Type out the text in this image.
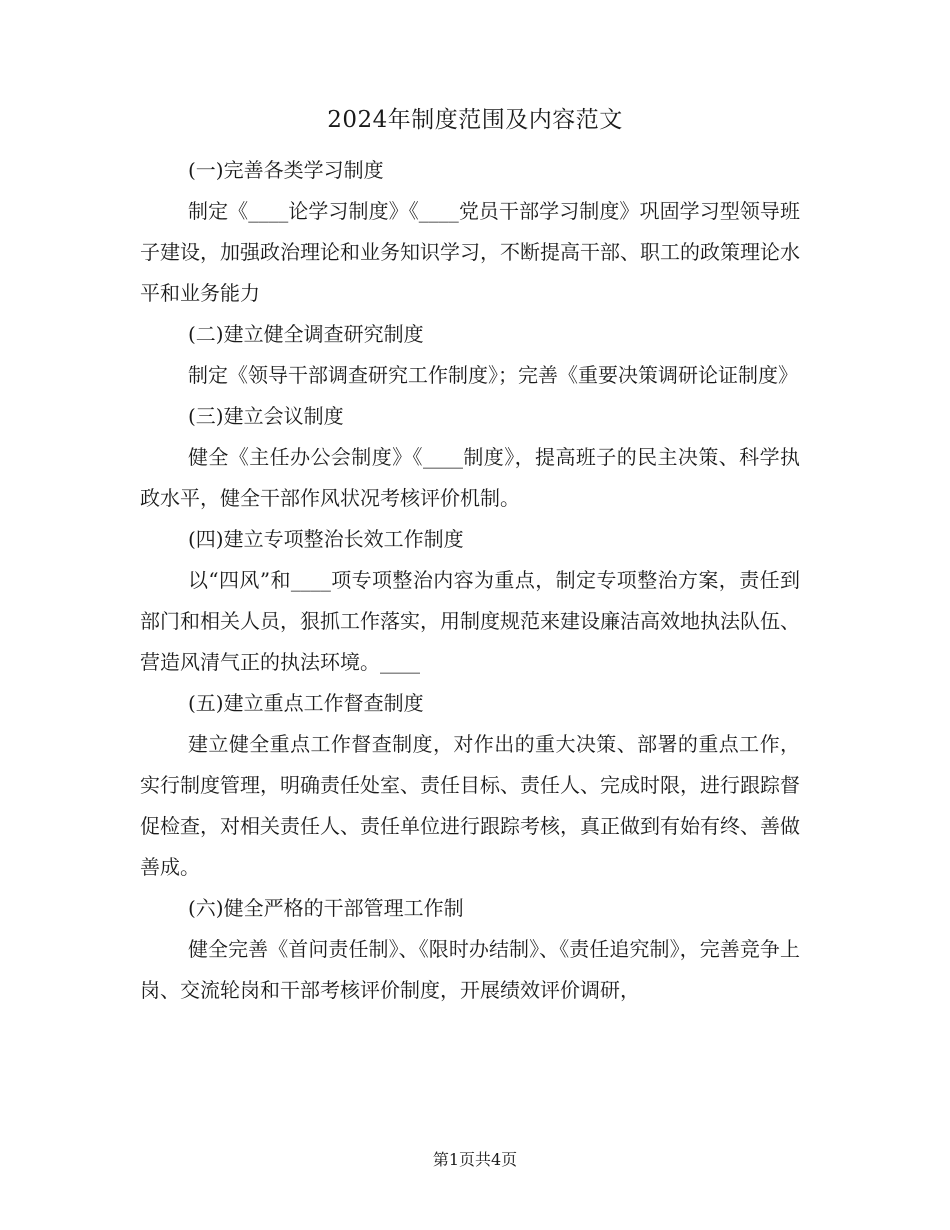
2024年制度范围及内容范文

(一)完善各类学习制度

制定《____论学习制度》《____党员干部学习制度》巩固学习型领导班子建设，加强政治理论和业务知识学习，不断提高干部、职工的政策理论水平和业务能力

(二)建立健全调查研究制度

制定《领导干部调查研究工作制度》；完善《重要决策调研论证制度》

(三)建立会议制度

健全《主任办公会制度》《____制度》，提高班子的民主决策、科学执政水平，健全干部作风状况考核评价机制。

(四)建立专项整治长效工作制度

以“四风”和____项专项整治内容为重点，制定专项整治方案，责任到部门和相关人员，狠抓工作落实，用制度规范来建设廉洁高效地执法队伍、营造风清气正的执法环境。____

(五)建立重点工作督查制度

建立健全重点工作督查制度，对作出的重大决策、部署的重点工作，实行制度管理，明确责任处室、责任目标、责任人、完成时限，进行跟踪督促检查，对相关责任人、责任单位进行跟踪考核，真正做到有始有终、善做善成。

(六)健全严格的干部管理工作制

健全完善《首问责任制》、《限时办结制》、《责任追究制》，完善竞争上岗、交流轮岗和干部考核评价制度，开展绩效评价调研，

第1页共4页
